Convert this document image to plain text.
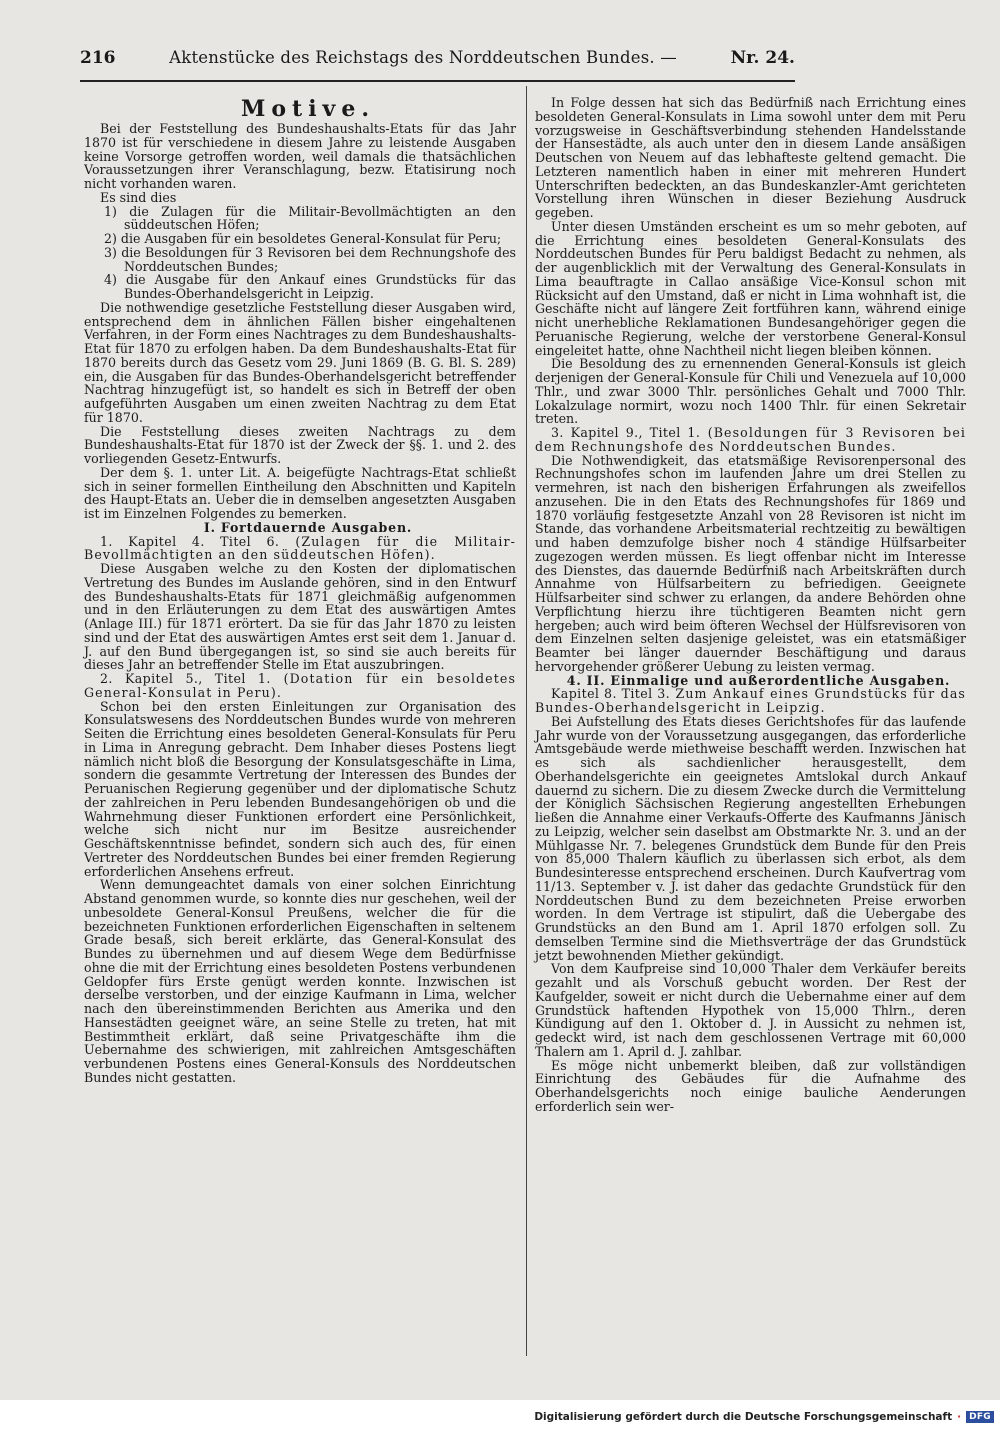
216	Aktenstücke des Reichstags des Norddeutschen Bundes. —	Nr. 24.

Motive.

Bei der Feststellung des Bundeshaushalts-Etats für das Jahr 1870 ist für verschiedene in diesem Jahre zu leistende Ausgaben keine Vorsorge getroffen worden, weil damals die thatsächlichen Voraussetzungen ihrer Veranschlagung, bezw. Etatisirung noch nicht vorhanden waren.

Es sind dies

1) die Zulagen für die Militair-Bevollmächtigten an den süddeutschen Höfen;
2) die Ausgaben für ein besoldetes General-Konsulat für Peru;
3) die Besoldungen für 3 Revisoren bei dem Rechnungshofe des Norddeutschen Bundes;
4) die Ausgabe für den Ankauf eines Grundstücks für das Bundes-Oberhandelsgericht in Leipzig.

Die nothwendige gesetzliche Feststellung dieser Ausgaben wird, entsprechend dem in ähnlichen Fällen bisher eingehaltenen Verfahren, in der Form eines Nachtrages zu dem Bundeshaushalts-Etat für 1870 zu erfolgen haben. Da dem Bundeshaushalts-Etat für 1870 bereits durch das Gesetz vom 29. Juni 1869 (B. G. Bl. S. 289) ein, die Ausgaben für das Bundes-Oberhandelsgericht betreffender Nachtrag hinzugefügt ist, so handelt es sich in Betreff der oben aufgeführten Ausgaben um einen zweiten Nachtrag zu dem Etat für 1870.

Die Feststellung dieses zweiten Nachtrags zu dem Bundeshaushalts-Etat für 1870 ist der Zweck der §§. 1. und 2. des vorliegenden Gesetz-Entwurfs.

Der dem §. 1. unter Lit. A. beigefügte Nachtrags-Etat schließt sich in seiner formellen Eintheilung den Abschnitten und Kapiteln des Haupt-Etats an. Ueber die in demselben angesetzten Ausgaben ist im Einzelnen Folgendes zu bemerken.

I. Fortdauernde Ausgaben.

1. Kapitel 4. Titel 6. (Zulagen für die Militair-Bevollmächtigten an den süddeutschen Höfen).

Diese Ausgaben welche zu den Kosten der diplomatischen Vertretung des Bundes im Auslande gehören, sind in den Entwurf des Bundeshaushalts-Etats für 1871 gleichmäßig aufgenommen und in den Erläuterungen zu dem Etat des auswärtigen Amtes (Anlage III.) für 1871 erörtert. Da sie für das Jahr 1870 zu leisten sind und der Etat des auswärtigen Amtes erst seit dem 1. Januar d. J. auf den Bund übergegangen ist, so sind sie auch bereits für dieses Jahr an betreffender Stelle im Etat auszubringen.

2. Kapitel 5., Titel 1. (Dotation für ein besoldetes General-Konsulat in Peru).

Schon bei den ersten Einleitungen zur Organisation des Konsulatswesens des Norddeutschen Bundes wurde von mehreren Seiten die Errichtung eines besoldeten General-Konsulats für Peru in Lima in Anregung gebracht. Dem Inhaber dieses Postens liegt nämlich nicht bloß die Besorgung der Konsulatsgeschäfte in Lima, sondern die gesammte Vertretung der Interessen des Bundes der Peruanischen Regierung gegenüber und der diplomatische Schutz der zahlreichen in Peru lebenden Bundesangehörigen ob und die Wahrnehmung dieser Funktionen erfordert eine Persönlichkeit, welche sich nicht nur im Besitze ausreichender Geschäftskenntnisse befindet, sondern sich auch des, für einen Vertreter des Norddeutschen Bundes bei einer fremden Regierung erforderlichen Ansehens erfreut.

Wenn demungeachtet damals von einer solchen Einrichtung Abstand genommen wurde, so konnte dies nur geschehen, weil der unbesoldete General-Konsul Preußens, welcher die für die bezeichneten Funktionen erforderlichen Eigenschaften in seltenem Grade besaß, sich bereit erklärte, das General-Konsulat des Bundes zu übernehmen und auf diesem Wege dem Bedürfnisse ohne die mit der Errichtung eines besoldeten Postens verbundenen Geldopfer fürs Erste genügt werden konnte. Inzwischen ist derselbe verstorben, und der einzige Kaufmann in Lima, welcher nach den übereinstimmenden Berichten aus Amerika und den Hansestädten geeignet wäre, an seine Stelle zu treten, hat mit Bestimmtheit erklärt, daß seine Privatgeschäfte ihm die Uebernahme des schwierigen, mit zahlreichen Amtsgeschäften verbundenen Postens eines General-Konsuls des Norddeutschen Bundes nicht gestatten.

In Folge dessen hat sich das Bedürfniß nach Errichtung eines besoldeten General-Konsulats in Lima sowohl unter dem mit Peru vorzugsweise in Geschäftsverbindung stehenden Handelsstande der Hansestädte, als auch unter den in diesem Lande ansäßigen Deutschen von Neuem auf das lebhafteste geltend gemacht. Die Letzteren namentlich haben in einer mit mehreren Hundert Unterschriften bedeckten, an das Bundeskanzler-Amt gerichteten Vorstellung ihren Wünschen in dieser Beziehung Ausdruck gegeben.

Unter diesen Umständen erscheint es um so mehr geboten, auf die Errichtung eines besoldeten General-Konsulats des Norddeutschen Bundes für Peru baldigst Bedacht zu nehmen, als der augenblicklich mit der Verwaltung des General-Konsulats in Lima beauftragte in Callao ansäßige Vice-Konsul schon mit Rücksicht auf den Umstand, daß er nicht in Lima wohnhaft ist, die Geschäfte nicht auf längere Zeit fortführen kann, während einige nicht unerhebliche Reklamationen Bundesangehöriger gegen die Peruanische Regierung, welche der verstorbene General-Konsul eingeleitet hatte, ohne Nachtheil nicht liegen bleiben können.

Die Besoldung des zu ernennenden General-Konsuls ist gleich derjenigen der General-Konsule für Chili und Venezuela auf 10,000 Thlr., und zwar 3000 Thlr. persönliches Gehalt und 7000 Thlr. Lokalzulage normirt, wozu noch 1400 Thlr. für einen Sekretair treten.

3. Kapitel 9., Titel 1. (Besoldungen für 3 Revisoren bei dem Rechnungshofe des Norddeutschen Bundes.

Die Nothwendigkeit, das etatsmäßige Revisorenpersonal des Rechnungshofes schon im laufenden Jahre um drei Stellen zu vermehren, ist nach den bisherigen Erfahrungen als zweifellos anzusehen. Die in den Etats des Rechnungshofes für 1869 und 1870 vorläufig festgesetzte Anzahl von 28 Revisoren ist nicht im Stande, das vorhandene Arbeitsmaterial rechtzeitig zu bewältigen und haben demzufolge bisher noch 4 ständige Hülfsarbeiter zugezogen werden müssen. Es liegt offenbar nicht im Interesse des Dienstes, das dauernde Bedürfniß nach Arbeitskräften durch Annahme von Hülfsarbeitern zu befriedigen. Geeignete Hülfsarbeiter sind schwer zu erlangen, da andere Behörden ohne Verpflichtung hierzu ihre tüchtigeren Beamten nicht gern hergeben; auch wird beim öfteren Wechsel der Hülfsrevisoren von dem Einzelnen selten dasjenige geleistet, was ein etatsmäßiger Beamter bei länger dauernder Beschäftigung und daraus hervorgehender größerer Uebung zu leisten vermag.

4. II. Einmalige und außerordentliche Ausgaben.

Kapitel 8. Titel 3. Zum Ankauf eines Grundstücks für das Bundes-Oberhandelsgericht in Leipzig.

Bei Aufstellung des Etats dieses Gerichtshofes für das laufende Jahr wurde von der Voraussetzung ausgegangen, das erforderliche Amtsgebäude werde miethweise beschafft werden. Inzwischen hat es sich als sachdienlicher herausgestellt, dem Oberhandelsgerichte ein geeignetes Amtslokal durch Ankauf dauernd zu sichern. Die zu diesem Zwecke durch die Vermittelung der Königlich Sächsischen Regierung angestellten Erhebungen ließen die Annahme einer Verkaufs-Offerte des Kaufmanns Jänisch zu Leipzig, welcher sein daselbst am Obstmarkte Nr. 3. und an der Mühlgasse Nr. 7. belegenes Grundstück dem Bunde für den Preis von 85,000 Thalern käuflich zu überlassen sich erbot, als dem Bundesinteresse entsprechend erscheinen. Durch Kaufvertrag vom 11/13. September v. J. ist daher das gedachte Grundstück für den Norddeutschen Bund zu dem bezeichneten Preise erworben worden. In dem Vertrage ist stipulirt, daß die Uebergabe des Grundstücks an den Bund am 1. April 1870 erfolgen soll. Zu demselben Termine sind die Miethsverträge der das Grundstück jetzt bewohnenden Miether gekündigt.

Von dem Kaufpreise sind 10,000 Thaler dem Verkäufer bereits gezahlt und als Vorschuß gebucht worden. Der Rest der Kaufgelder, soweit er nicht durch die Uebernahme einer auf dem Grundstück haftenden Hypothek von 15,000 Thlrn., deren Kündigung auf den 1. Oktober d. J. in Aussicht zu nehmen ist, gedeckt wird, ist nach dem geschlossenen Vertrage mit 60,000 Thalern am 1. April d. J. zahlbar.

Es möge nicht unbemerkt bleiben, daß zur vollständigen Einrichtung des Gebäudes für die Aufnahme des Oberhandelsgerichts noch einige bauliche Aenderungen erforderlich sein wer-

Digitalisierung gefördert durch die Deutsche Forschungsgemeinschaft · DFG
